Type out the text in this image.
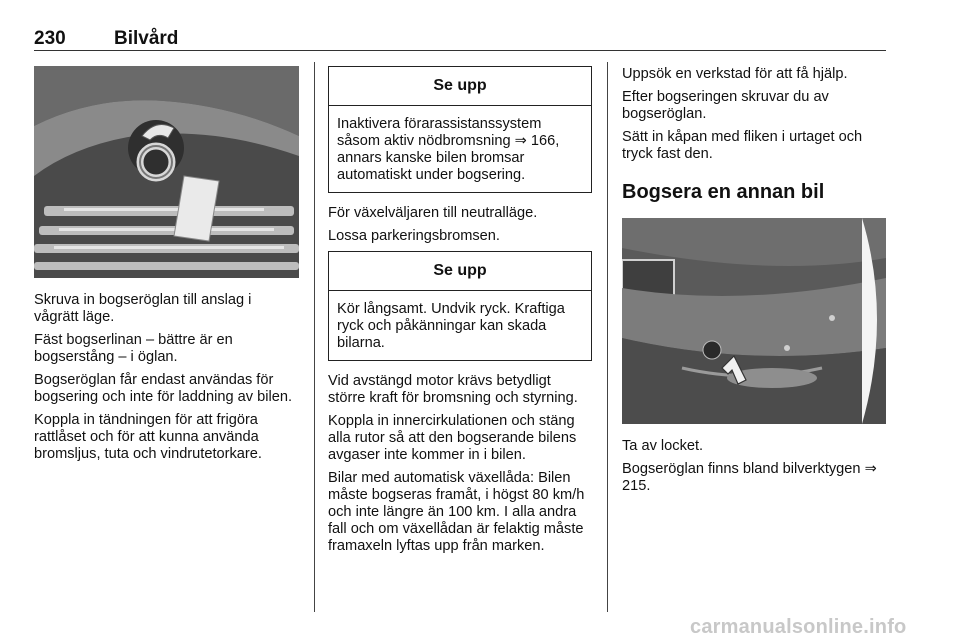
230	Bilvård

Skruva in bogseröglan till anslag i vågrätt läge.

Fäst bogserlinan – bättre är en bogserstång – i öglan.

Bogseröglan får endast användas för bogsering och inte för laddning av bilen.

Koppla in tändningen för att frigöra rattlåset och för att kunna använda bromsljus, tuta och vindrutetorkare.

Se upp
Inaktivera förarassistanssystem såsom aktiv nödbromsning ⇒ 166, annars kanske bilen bromsar automatiskt under bogsering.

För växelväljaren till neutralläge.

Lossa parkeringsbromsen.

Se upp
Kör långsamt. Undvik ryck. Kraftiga ryck och påkänningar kan skada bilarna.

Vid avstängd motor krävs betydligt större kraft för bromsning och styrning.

Koppla in innercirkulationen och stäng alla rutor så att den bogserande bilens avgaser inte kommer in i bilen.

Bilar med automatisk växellåda: Bilen måste bogseras framåt, i högst 80 km/h och inte längre än 100 km. I alla andra fall och om växellådan är felaktig måste framaxeln lyftas upp från marken.

Uppsök en verkstad för att få hjälp.

Efter bogseringen skruvar du av bogseröglan.

Sätt in kåpan med fliken i urtaget och tryck fast den.

Bogsera en annan bil

Ta av locket.

Bogseröglan finns bland bilverktygen ⇒ 215.

carmanualsonline.info
